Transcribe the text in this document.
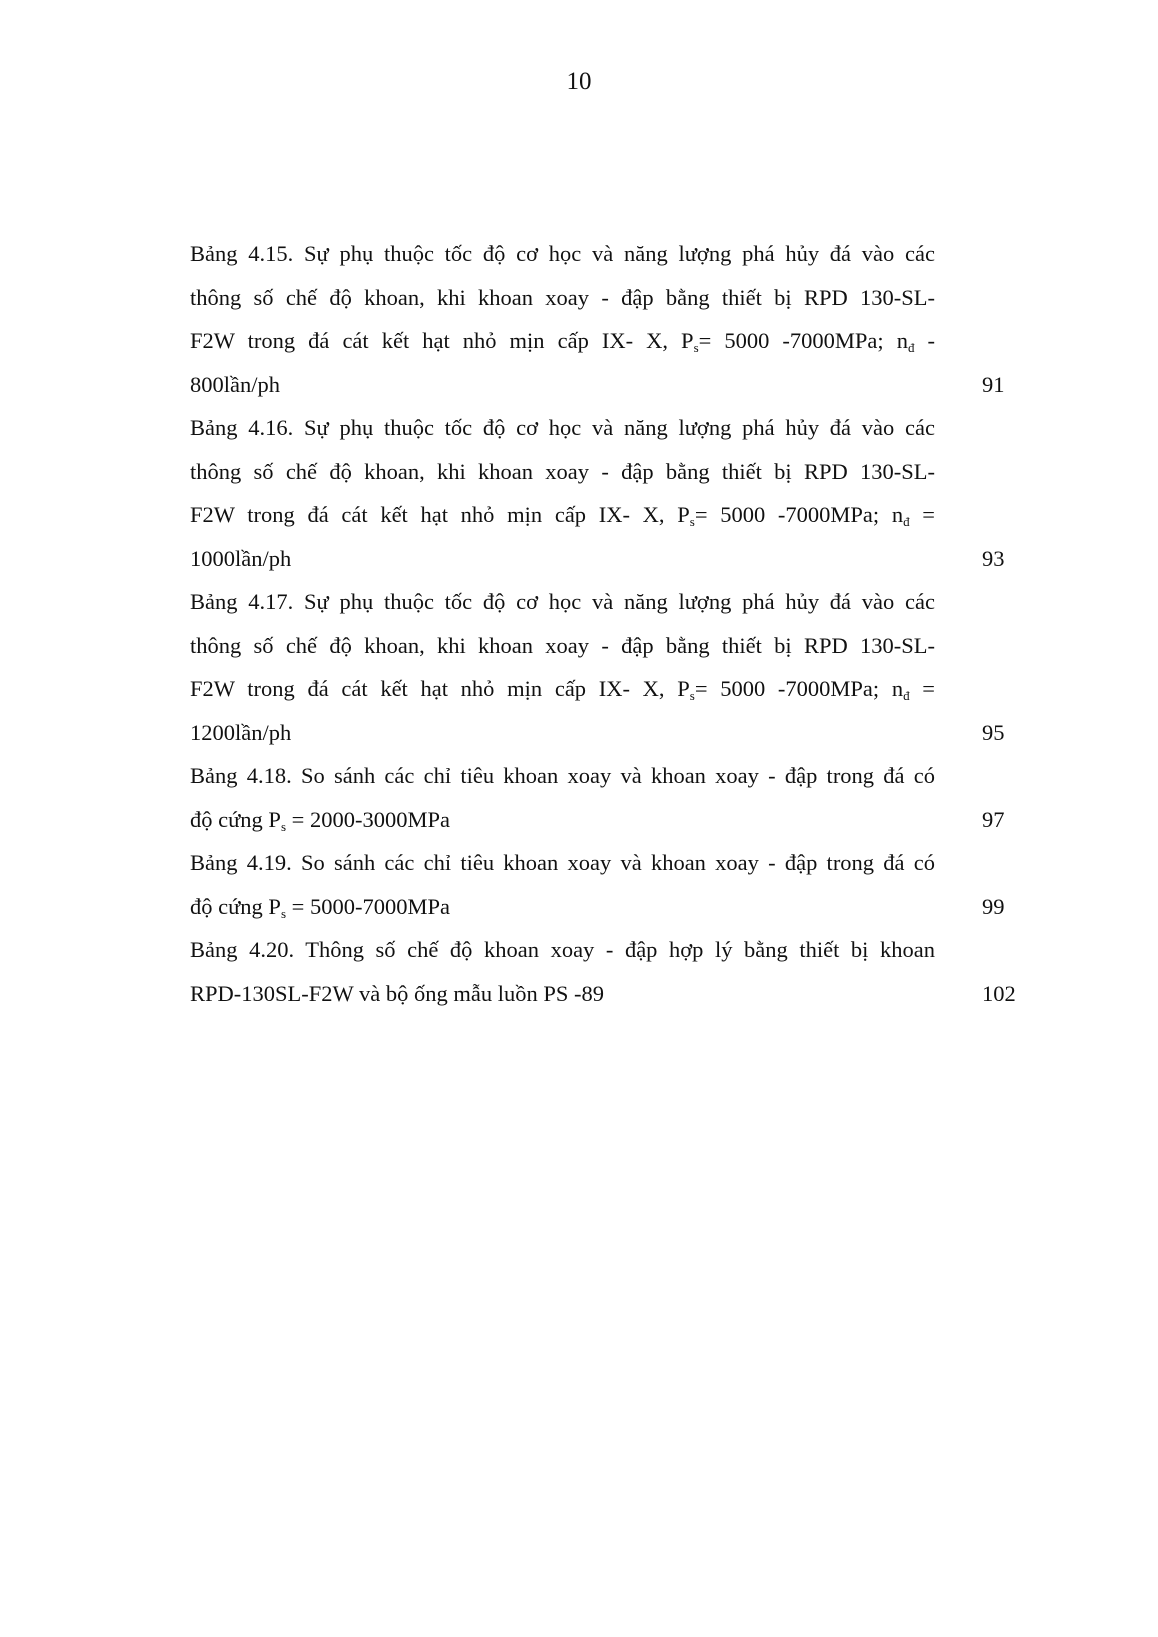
10
Bảng 4.15. Sự phụ thuộc tốc độ cơ học và năng lượng phá hủy đá vào các
thông số chế độ khoan, khi khoan xoay - đập bằng thiết bị RPD 130-SL-
F2W trong đá cát kết hạt nhỏ mịn cấp IX- X, $P_s= 5000$ -7000MPa; $n_đ$ -
800lần/ph	91
Bảng 4.16. Sự phụ thuộc tốc độ cơ học và năng lượng phá hủy đá vào các
thông số chế độ khoan, khi khoan xoay - đập bằng thiết bị RPD 130-SL-
F2W trong đá cát kết hạt nhỏ mịn cấp IX- X, $P_s= 5000$ -7000MPa; $n_đ$ =
1000lần/ph	93
Bảng 4.17. Sự phụ thuộc tốc độ cơ học và năng lượng phá hủy đá vào các
thông số chế độ khoan, khi khoan xoay - đập bằng thiết bị RPD 130-SL-
F2W trong đá cát kết hạt nhỏ mịn cấp IX- X, $P_s= 5000$ -7000MPa; $n_đ$ =
1200lần/ph	95
Bảng 4.18. So sánh các chỉ tiêu khoan xoay và khoan xoay - đập trong đá có
độ cứng $P_s = 2000-3000MPa$	97
Bảng 4.19. So sánh các chỉ tiêu khoan xoay và khoan xoay - đập trong đá có
độ cứng $P_s = 5000-7000MPa$	99
Bảng 4.20. Thông số chế độ khoan xoay - đập hợp lý bằng thiết bị khoan
RPD-130SL-F2W và bộ ống mẫu luồn PS -89	102
